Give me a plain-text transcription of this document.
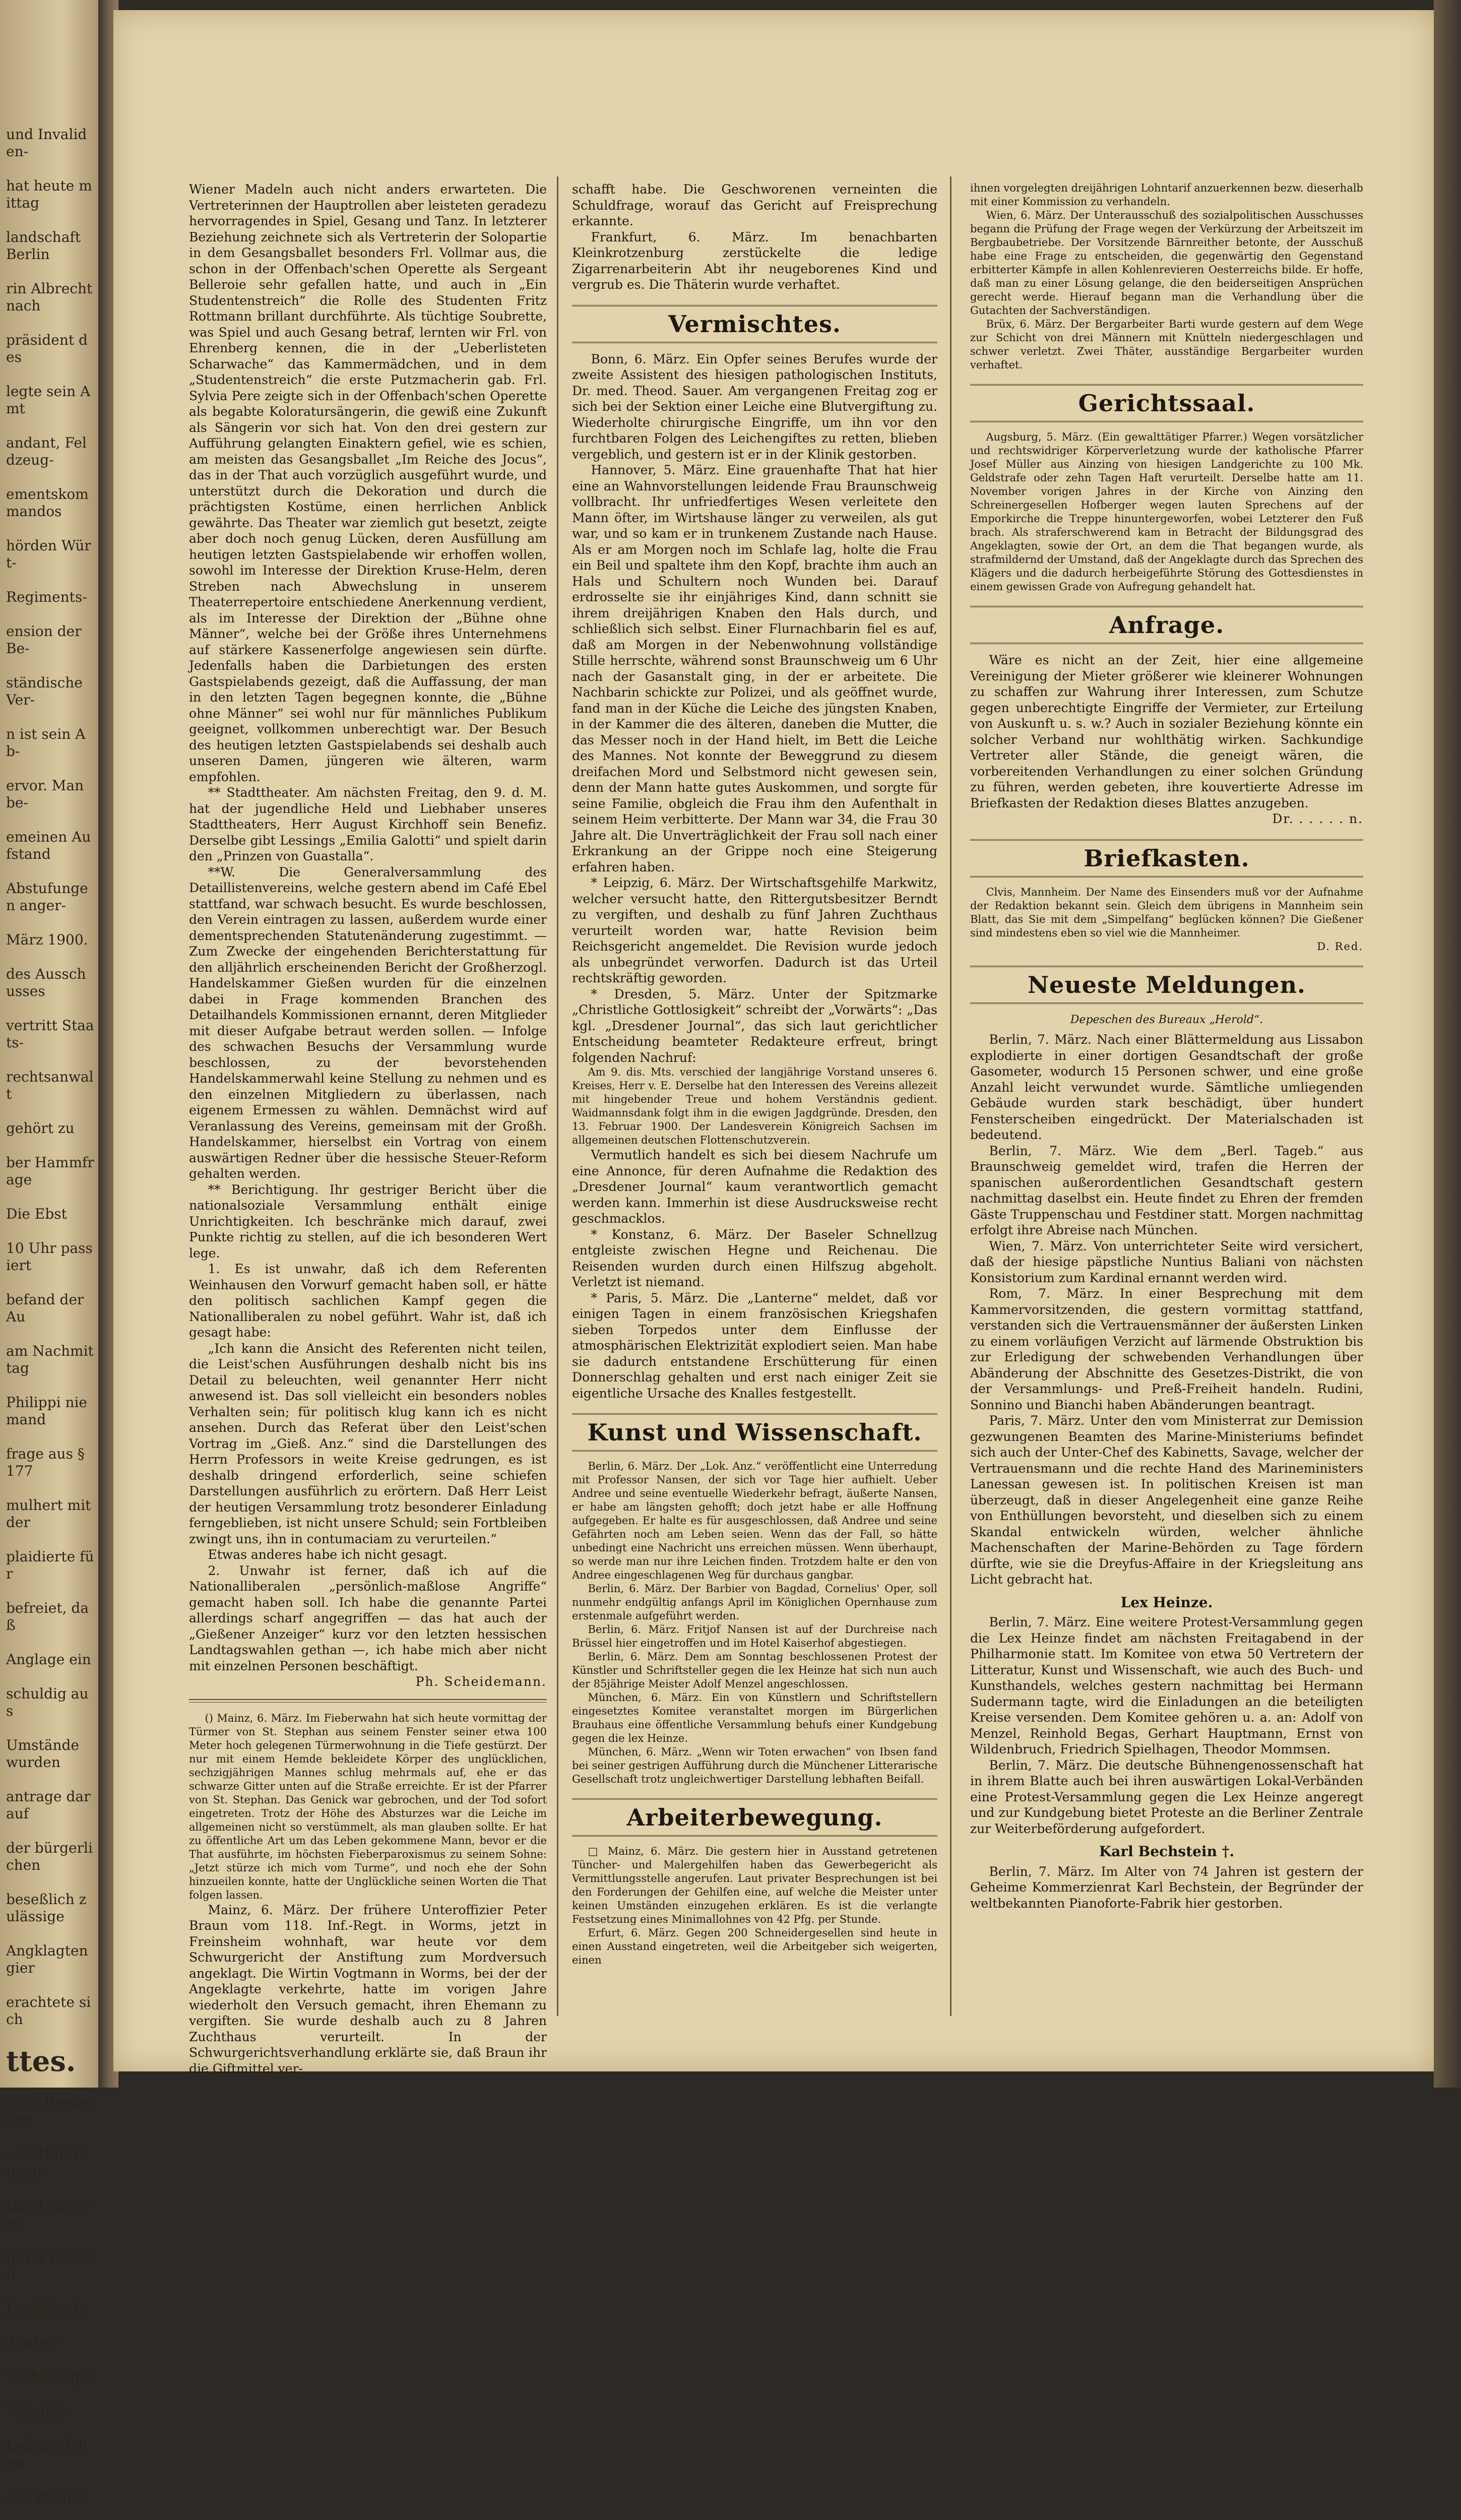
und Invaliden-

hat heute mittag

landschaft Berlin

rin Albrecht nach

präsident des

legte sein Amt

andant, Feldzeug-

ementskommandos

hörden Würt-

Regiments-

ension der Be-

ständische Ver-

n ist sein Ab-

ervor. Man be-

emeinen Aufstand

Abstufungen anger-

März 1900.

des Ausschusses

vertritt Staats-

rechtsanwalt

gehört zu

ber Hammfrage

Die Ebst

10 Uhr passiert

befand der Au

am Nachmittag

Philippi niemand

frage aus § 177

mulhert mit der

plaidierte für

befreiet, daß

Anglage ein

schuldig aus

Umstände wurden

antrage darauf

der bürgerlichen

beseßlich zulässige

Angklagten gier

erachtete sich

ttes.

e Gr. Regierung

und Häterlinnen

Im Monat Fe-

ihren Bänden

Erzählende

Zinder-

Technologie

Volontär

Lehrmädchen

des Wiener

Wiener Madeln auch nicht anders erwarteten. Die Vertreterinnen der Hauptrollen aber leisteten geradezu hervorragendes in Spiel, Gesang und Tanz. In letzterer Beziehung zeichnete sich als Vertreterin der Solopartie in dem Gesangsballet besonders Frl. Vollmar aus, die schon in der Offenbach'schen Operette als Sergeant Belleroie sehr gefallen hatte, und auch in „Ein Studentenstreich“ die Rolle des Studenten Fritz Rottmann brillant durchführte. Als tüchtige Soubrette, was Spiel und auch Gesang betraf, lernten wir Frl. von Ehrenberg kennen, die in der „Ueberlisteten Scharwache“ das Kammermädchen, und in dem „Studentenstreich“ die erste Putzmacherin gab. Frl. Sylvia Pere zeigte sich in der Offenbach'schen Operette als begabte Koloratursängerin, die gewiß eine Zukunft als Sängerin vor sich hat. Von den drei gestern zur Aufführung gelangten Einaktern gefiel, wie es schien, am meisten das Gesangsballet „Im Reiche des Jocus“, das in der That auch vorzüglich ausgeführt wurde, und unterstützt durch die Dekoration und durch die prächtigsten Kostüme, einen herrlichen Anblick gewährte. Das Theater war ziemlich gut besetzt, zeigte aber doch noch genug Lücken, deren Ausfüllung am heutigen letzten Gastspielabende wir erhoffen wollen, sowohl im Interesse der Direktion Kruse-Helm, deren Streben nach Abwechslung in unserem Theaterrepertoire entschiedene Anerkennung verdient, als im Interesse der Direktion der „Bühne ohne Männer“, welche bei der Größe ihres Unternehmens auf stärkere Kassenerfolge angewiesen sein dürfte. Jedenfalls haben die Darbietungen des ersten Gastspielabends gezeigt, daß die Auffassung, der man in den letzten Tagen begegnen konnte, die „Bühne ohne Männer“ sei wohl nur für männliches Publikum geeignet, vollkommen unberechtigt war. Der Besuch des heutigen letzten Gastspielabends sei deshalb auch unseren Damen, jüngeren wie älteren, warm empfohlen.

** Stadttheater. Am nächsten Freitag, den 9. d. M. hat der jugendliche Held und Liebhaber unseres Stadttheaters, Herr August Kirchhoff sein Benefiz. Derselbe gibt Lessings „Emilia Galotti“ und spielt darin den „Prinzen von Guastalla“.

**W. Die Generalversammlung des Detaillistenvereins, welche gestern abend im Café Ebel stattfand, war schwach besucht. Es wurde beschlossen, den Verein eintragen zu lassen, außerdem wurde einer dementsprechenden Statutenänderung zugestimmt. — Zum Zwecke der eingehenden Berichterstattung für den alljährlich erscheinenden Bericht der Großherzogl. Handelskammer Gießen wurden für die einzelnen dabei in Frage kommenden Branchen des Detailhandels Kommissionen ernannt, deren Mitglieder mit dieser Aufgabe betraut werden sollen. — Infolge des schwachen Besuchs der Versammlung wurde beschlossen, zu der bevorstehenden Handelskammerwahl keine Stellung zu nehmen und es den einzelnen Mitgliedern zu überlassen, nach eigenem Ermessen zu wählen. Demnächst wird auf Veranlassung des Vereins, gemeinsam mit der Großh. Handelskammer, hierselbst ein Vortrag von einem auswärtigen Redner über die hessische Steuer-Reform gehalten werden.

** Berichtigung. Ihr gestriger Bericht über die nationalsoziale Versammlung enthält einige Unrichtigkeiten. Ich beschränke mich darauf, zwei Punkte richtig zu stellen, auf die ich besonderen Wert lege.

1. Es ist unwahr, daß ich dem Referenten Weinhausen den Vorwurf gemacht haben soll, er hätte den politisch sachlichen Kampf gegen die Nationalliberalen zu nobel geführt. Wahr ist, daß ich gesagt habe:

„Ich kann die Ansicht des Referenten nicht teilen, die Leist'schen Ausführungen deshalb nicht bis ins Detail zu beleuchten, weil genannter Herr nicht anwesend ist. Das soll vielleicht ein besonders nobles Verhalten sein; für politisch klug kann ich es nicht ansehen. Durch das Referat über den Leist'schen Vortrag im „Gieß. Anz.“ sind die Darstellungen des Herrn Professors in weite Kreise gedrungen, es ist deshalb dringend erforderlich, seine schiefen Darstellungen ausführlich zu erörtern. Daß Herr Leist der heutigen Versammlung trotz besonderer Einladung ferngeblieben, ist nicht unsere Schuld; sein Fortbleiben zwingt uns, ihn in contumaciam zu verurteilen.“

Etwas anderes habe ich nicht gesagt.

2. Unwahr ist ferner, daß ich auf die Nationalliberalen „persönlich-maßlose Angriffe“ gemacht haben soll. Ich habe die genannte Partei allerdings scharf angegriffen — das hat auch der „Gießener Anzeiger“ kurz vor den letzten hessischen Landtagswahlen gethan —, ich habe mich aber nicht mit einzelnen Personen beschäftigt.

Ph. Scheidemann.

() Mainz, 6. März. Im Fieberwahn hat sich heute vormittag der Türmer von St. Stephan aus seinem Fenster seiner etwa 100 Meter hoch gelegenen Türmerwohnung in die Tiefe gestürzt. Der nur mit einem Hemde bekleidete Körper des unglücklichen, sechzigjährigen Mannes schlug mehrmals auf, ehe er das schwarze Gitter unten auf die Straße erreichte. Er ist der Pfarrer von St. Stephan. Das Genick war gebrochen, und der Tod sofort eingetreten. Trotz der Höhe des Absturzes war die Leiche im allgemeinen nicht so verstümmelt, als man glauben sollte. Er hat zu öffentliche Art um das Leben gekommene Mann, bevor er die That ausführte, im höchsten Fieberparoxismus zu seinem Sohne: „Jetzt stürze ich mich vom Turme“, und noch ehe der Sohn hinzueilen konnte, hatte der Unglückliche seinen Worten die That folgen lassen.

Mainz, 6. März. Der frühere Unteroffizier Peter Braun vom 118. Inf.-Regt. in Worms, jetzt in Freinsheim wohnhaft, war heute vor dem Schwurgericht der Anstiftung zum Mordversuch angeklagt. Die Wirtin Vogtmann in Worms, bei der der Angeklagte verkehrte, hatte im vorigen Jahre wiederholt den Versuch gemacht, ihren Ehemann zu vergiften. Sie wurde deshalb auch zu 8 Jahren Zuchthaus verurteilt. In der Schwurgerichtsverhandlung erklärte sie, daß Braun ihr die Giftmittel ver-

schafft habe. Die Geschworenen verneinten die Schuldfrage, worauf das Gericht auf Freisprechung erkannte.

Frankfurt, 6. März. Im benachbarten Kleinkrotzenburg zerstückelte die ledige Zigarrenarbeiterin Abt ihr neugeborenes Kind und vergrub es. Die Thäterin wurde verhaftet.

Vermischtes.

Bonn, 6. März. Ein Opfer seines Berufes wurde der zweite Assistent des hiesigen pathologischen Instituts, Dr. med. Theod. Sauer. Am vergangenen Freitag zog er sich bei der Sektion einer Leiche eine Blutvergiftung zu. Wiederholte chirurgische Eingriffe, um ihn vor den furchtbaren Folgen des Leichengiftes zu retten, blieben vergeblich, und gestern ist er in der Klinik gestorben.

Hannover, 5. März. Eine grauenhafte That hat hier eine an Wahnvorstellungen leidende Frau Braunschweig vollbracht. Ihr unfriedfertiges Wesen verleitete den Mann öfter, im Wirtshause länger zu verweilen, als gut war, und so kam er in trunkenem Zustande nach Hause. Als er am Morgen noch im Schlafe lag, holte die Frau ein Beil und spaltete ihm den Kopf, brachte ihm auch an Hals und Schultern noch Wunden bei. Darauf erdrosselte sie ihr einjähriges Kind, dann schnitt sie ihrem dreijährigen Knaben den Hals durch, und schließlich sich selbst. Einer Flurnachbarin fiel es auf, daß am Morgen in der Nebenwohnung vollständige Stille herrschte, während sonst Braunschweig um 6 Uhr nach der Gasanstalt ging, in der er arbeitete. Die Nachbarin schickte zur Polizei, und als geöffnet wurde, fand man in der Küche die Leiche des jüngsten Knaben, in der Kammer die des älteren, daneben die Mutter, die das Messer noch in der Hand hielt, im Bett die Leiche des Mannes. Not konnte der Beweggrund zu diesem dreifachen Mord und Selbstmord nicht gewesen sein, denn der Mann hatte gutes Auskommen, und sorgte für seine Familie, obgleich die Frau ihm den Aufenthalt in seinem Heim verbitterte. Der Mann war 34, die Frau 30 Jahre alt. Die Unverträglichkeit der Frau soll nach einer Erkrankung an der Grippe noch eine Steigerung erfahren haben.

* Leipzig, 6. März. Der Wirtschaftsgehilfe Markwitz, welcher versucht hatte, den Rittergutsbesitzer Berndt zu vergiften, und deshalb zu fünf Jahren Zuchthaus verurteilt worden war, hatte Revision beim Reichsgericht angemeldet. Die Revision wurde jedoch als unbegründet verworfen. Dadurch ist das Urteil rechtskräftig geworden.

* Dresden, 5. März. Unter der Spitzmarke „Christliche Gottlosigkeit“ schreibt der „Vorwärts“: „Das kgl. „Dresdener Journal“, das sich laut gerichtlicher Entscheidung beamteter Redakteure erfreut, bringt folgenden Nachruf:

Am 9. dis. Mts. verschied der langjährige Vorstand unseres 6. Kreises, Herr v. E. Derselbe hat den Interessen des Vereins allezeit mit hingebender Treue und hohem Verständnis gedient. Waidmannsdank folgt ihm in die ewigen Jagdgründe. Dresden, den 13. Februar 1900. Der Landesverein Königreich Sachsen im allgemeinen deutschen Flottenschutzverein.

Vermutlich handelt es sich bei diesem Nachrufe um eine Annonce, für deren Aufnahme die Redaktion des „Dresdener Journal“ kaum verantwortlich gemacht werden kann. Immerhin ist diese Ausdrucksweise recht geschmacklos.

* Konstanz, 6. März. Der Baseler Schnellzug entgleiste zwischen Hegne und Reichenau. Die Reisenden wurden durch einen Hilfszug abgeholt. Verletzt ist niemand.

* Paris, 5. März. Die „Lanterne“ meldet, daß vor einigen Tagen in einem französischen Kriegshafen sieben Torpedos unter dem Einflusse der atmosphärischen Elektrizität explodiert seien. Man habe sie dadurch entstandene Erschütterung für einen Donnerschlag gehalten und erst nach einiger Zeit sie eigentliche Ursache des Knalles festgestellt.

Kunst und Wissenschaft.

Berlin, 6. März. Der „Lok. Anz.“ veröffentlicht eine Unterredung mit Professor Nansen, der sich vor Tage hier aufhielt. Ueber Andree und seine eventuelle Wiederkehr befragt, äußerte Nansen, er habe am längsten gehofft; doch jetzt habe er alle Hoffnung aufgegeben. Er halte es für ausgeschlossen, daß Andree und seine Gefährten noch am Leben seien. Wenn das der Fall, so hätte unbedingt eine Nachricht uns erreichen müssen. Wenn überhaupt, so werde man nur ihre Leichen finden. Trotzdem halte er den von Andree eingeschlagenen Weg für durchaus gangbar.

Berlin, 6. März. Der Barbier von Bagdad, Cornelius' Oper, soll nunmehr endgültig anfangs April im Königlichen Opernhause zum erstenmale aufgeführt werden.

Berlin, 6. März. Fritjof Nansen ist auf der Durchreise nach Brüssel hier eingetroffen und im Hotel Kaiserhof abgestiegen.

Berlin, 6. März. Dem am Sonntag beschlossenen Protest der Künstler und Schriftsteller gegen die lex Heinze hat sich nun auch der 85jährige Meister Adolf Menzel angeschlossen.

München, 6. März. Ein von Künstlern und Schriftstellern eingesetztes Komitee veranstaltet morgen im Bürgerlichen Brauhaus eine öffentliche Versammlung behufs einer Kundgebung gegen die lex Heinze.

München, 6. März. „Wenn wir Toten erwachen“ von Ibsen fand bei seiner gestrigen Aufführung durch die Münchener Litterarische Gesellschaft trotz ungleichwertiger Darstellung lebhaften Beifall.

Arbeiterbewegung.

□ Mainz, 6. März. Die gestern hier in Ausstand getretenen Tüncher- und Malergehilfen haben das Gewerbegericht als Vermittlungsstelle angerufen. Laut privater Besprechungen ist bei den Forderungen der Gehilfen eine, auf welche die Meister unter keinen Umständen einzugehen erklären. Es ist die verlangte Festsetzung eines Minimallohnes von 42 Pfg. per Stunde.

Erfurt, 6. März. Gegen 200 Schneidergesellen sind heute in einen Ausstand eingetreten, weil die Arbeitgeber sich weigerten, einen

ihnen vorgelegten dreijährigen Lohntarif anzuerkennen bezw. dieserhalb mit einer Kommission zu verhandeln.

Wien, 6. März. Der Unterausschuß des sozialpolitischen Ausschusses begann die Prüfung der Frage wegen der Verkürzung der Arbeitszeit im Bergbaubetriebe. Der Vorsitzende Bärnreither betonte, der Ausschuß habe eine Frage zu entscheiden, die gegenwärtig den Gegenstand erbitterter Kämpfe in allen Kohlenrevieren Oesterreichs bilde. Er hoffe, daß man zu einer Lösung gelange, die den beiderseitigen Ansprüchen gerecht werde. Hierauf begann man die Verhandlung über die Gutachten der Sachverständigen.

Brüx, 6. März. Der Bergarbeiter Barti wurde gestern auf dem Wege zur Schicht von drei Männern mit Knütteln niedergeschlagen und schwer verletzt. Zwei Thäter, ausständige Bergarbeiter wurden verhaftet.

Gerichtssaal.

Augsburg, 5. März. (Ein gewalttätiger Pfarrer.) Wegen vorsätzlicher und rechtswidriger Körperverletzung wurde der katholische Pfarrer Josef Müller aus Ainzing von hiesigen Landgerichte zu 100 Mk. Geldstrafe oder zehn Tagen Haft verurteilt. Derselbe hatte am 11. November vorigen Jahres in der Kirche von Ainzing den Schreinergesellen Hofberger wegen lauten Sprechens auf der Emporkirche die Treppe hinuntergeworfen, wobei Letzterer den Fuß brach. Als straferschwerend kam in Betracht der Bildungsgrad des Angeklagten, sowie der Ort, an dem die That begangen wurde, als strafmildernd der Umstand, daß der Angeklagte durch das Sprechen des Klägers und die dadurch herbeigeführte Störung des Gottesdienstes in einem gewissen Grade von Aufregung gehandelt hat.

Anfrage.

Wäre es nicht an der Zeit, hier eine allgemeine Vereinigung der Mieter größerer wie kleinerer Wohnungen zu schaffen zur Wahrung ihrer Interessen, zum Schutze gegen unberechtigte Eingriffe der Vermieter, zur Erteilung von Auskunft u. s. w.? Auch in sozialer Beziehung könnte ein solcher Verband nur wohlthätig wirken. Sachkundige Vertreter aller Stände, die geneigt wären, die vorbereitenden Verhandlungen zu einer solchen Gründung zu führen, werden gebeten, ihre kouvertierte Adresse im Briefkasten der Redaktion dieses Blattes anzugeben.

Dr. . . . . . n.

Briefkasten.

Clvis, Mannheim. Der Name des Einsenders muß vor der Aufnahme der Redaktion bekannt sein. Gleich dem übrigens in Mannheim sein Blatt, das Sie mit dem „Simpelfang“ beglücken können? Die Gießener sind mindestens eben so viel wie die Mannheimer.

D. Red.

Neueste Meldungen.

Depeschen des Bureaux „Herold“.

Berlin, 7. März. Nach einer Blättermeldung aus Lissabon explodierte in einer dortigen Gesandtschaft der große Gasometer, wodurch 15 Personen schwer, und eine große Anzahl leicht verwundet wurde. Sämtliche umliegenden Gebäude wurden stark beschädigt, über hundert Fensterscheiben eingedrückt. Der Materialschaden ist bedeutend.

Berlin, 7. März. Wie dem „Berl. Tageb.“ aus Braunschweig gemeldet wird, trafen die Herren der spanischen außerordentlichen Gesandtschaft gestern nachmittag daselbst ein. Heute findet zu Ehren der fremden Gäste Truppenschau und Festdiner statt. Morgen nachmittag erfolgt ihre Abreise nach München.

Wien, 7. März. Von unterrichteter Seite wird versichert, daß der hiesige päpstliche Nuntius Baliani von nächsten Konsistorium zum Kardinal ernannt werden wird.

Rom, 7. März. In einer Besprechung mit dem Kammervorsitzenden, die gestern vormittag stattfand, verstanden sich die Vertrauensmänner der äußersten Linken zu einem vorläufigen Verzicht auf lärmende Obstruktion bis zur Erledigung der schwebenden Verhandlungen über Abänderung der Abschnitte des Gesetzes-Distrikt, die von der Versammlungs- und Preß-Freiheit handeln. Rudini, Sonnino und Bianchi haben Abänderungen beantragt.

Paris, 7. März. Unter den vom Ministerrat zur Demission gezwungenen Beamten des Marine-Ministeriums befindet sich auch der Unter-Chef des Kabinetts, Savage, welcher der Vertrauensmann und die rechte Hand des Marineministers Lanessan gewesen ist. In politischen Kreisen ist man überzeugt, daß in dieser Angelegenheit eine ganze Reihe von Enthüllungen bevorsteht, und dieselben sich zu einem Skandal entwickeln würden, welcher ähnliche Machenschaften der Marine-Behörden zu Tage fördern dürfte, wie sie die Dreyfus-Affaire in der Kriegsleitung ans Licht gebracht hat.

Lex Heinze.

Berlin, 7. März. Eine weitere Protest-Versammlung gegen die Lex Heinze findet am nächsten Freitagabend in der Philharmonie statt. Im Komitee von etwa 50 Vertretern der Litteratur, Kunst und Wissenschaft, wie auch des Buch- und Kunsthandels, welches gestern nachmittag bei Hermann Sudermann tagte, wird die Einladungen an die beteiligten Kreise versenden. Dem Komitee gehören u. a. an: Adolf von Menzel, Reinhold Begas, Gerhart Hauptmann, Ernst von Wildenbruch, Friedrich Spielhagen, Theodor Mommsen.

Berlin, 7. März. Die deutsche Bühnengenossenschaft hat in ihrem Blatte auch bei ihren auswärtigen Lokal-Verbänden eine Protest-Versammlung gegen die Lex Heinze angeregt und zur Kundgebung bietet Proteste an die Berliner Zentrale zur Weiterbeförderung aufgefordert.

Karl Bechstein †.

Berlin, 7. März. Im Alter von 74 Jahren ist gestern der Geheime Kommerzienrat Karl Bechstein, der Begründer der weltbekannten Pianoforte-Fabrik hier gestorben.
